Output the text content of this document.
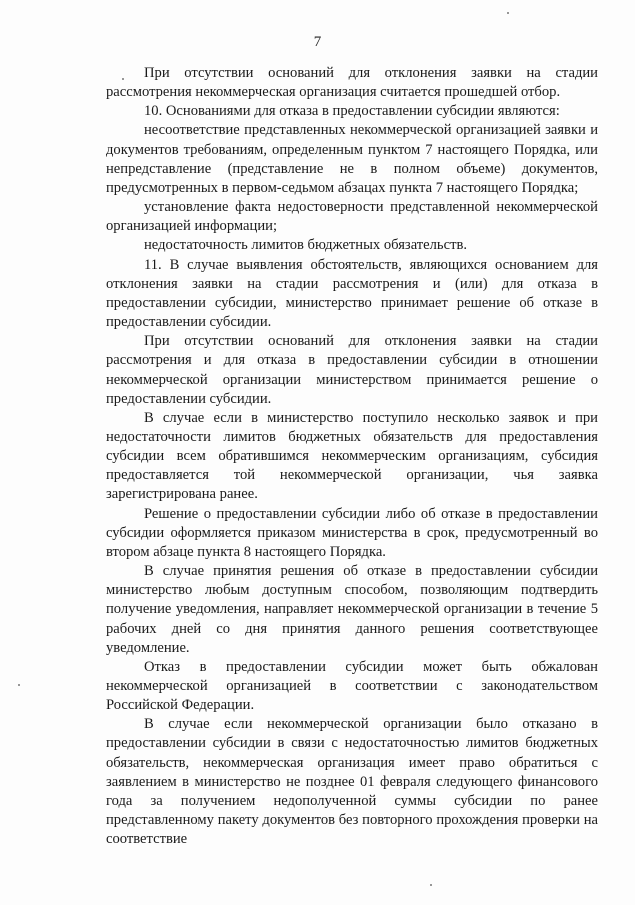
7

При отсутствии оснований для отклонения заявки на стадии рассмотрения некоммерческая организация считается прошедшей отбор.

10. Основаниями для отказа в предоставлении субсидии являются:

несоответствие представленных некоммерческой организацией заявки и документов требованиям, определенным пунктом 7 настоящего Порядка, или непредставление (представление не в полном объеме) документов, предусмотренных в первом-седьмом абзацах пункта 7 настоящего Порядка;

установление факта недостоверности представленной некоммерческой организацией информации;

недостаточность лимитов бюджетных обязательств.

11. В случае выявления обстоятельств, являющихся основанием для отклонения заявки на стадии рассмотрения и (или) для отказа в предоставлении субсидии, министерство принимает решение об отказе в предоставлении субсидии.

При отсутствии оснований для отклонения заявки на стадии рассмотрения и для отказа в предоставлении субсидии в отношении некоммерческой организации министерством принимается решение о предоставлении субсидии.

В случае если в министерство поступило несколько заявок и при недостаточности лимитов бюджетных обязательств для предоставления субсидии всем обратившимся некоммерческим организациям, субсидия предоставляется той некоммерческой организации, чья заявка зарегистрирована ранее.

Решение о предоставлении субсидии либо об отказе в предоставлении субсидии оформляется приказом министерства в срок, предусмотренный во втором абзаце пункта 8 настоящего Порядка.

В случае принятия решения об отказе в предоставлении субсидии министерство любым доступным способом, позволяющим подтвердить получение уведомления, направляет некоммерческой организации в течение 5 рабочих дней со дня принятия данного решения соответствующее уведомление.

Отказ в предоставлении субсидии может быть обжалован некоммерческой организацией в соответствии с законодательством Российской Федерации.

В случае если некоммерческой организации было отказано в предоставлении субсидии в связи с недостаточностью лимитов бюджетных обязательств, некоммерческая организация имеет право обратиться с заявлением в министерство не позднее 01 февраля следующего финансового года за получением недополученной суммы субсидии по ранее представленному пакету документов без повторного прохождения проверки на соответствие
